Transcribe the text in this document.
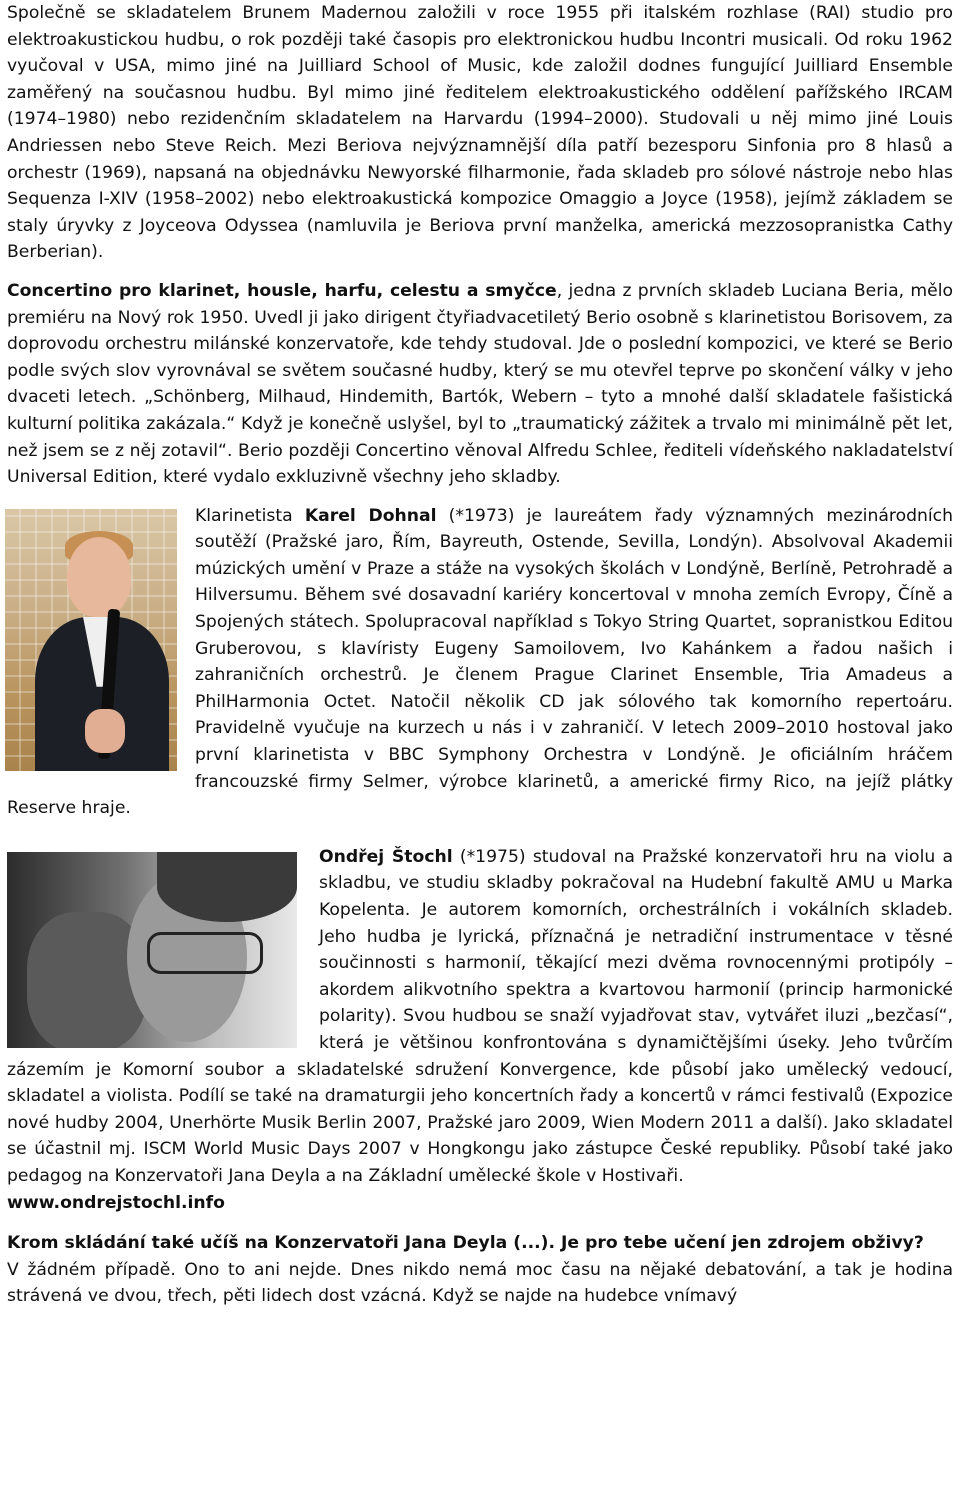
Společně se skladatelem Brunem Madernou založili v roce 1955 při italském rozhlase (RAI) studio pro elektroakustickou hudbu, o rok později také časopis pro elektronickou hudbu Incontri musicali. Od roku 1962 vyučoval v USA, mimo jiné na Juilliard School of Music, kde založil dodnes fungující Juilliard Ensemble zaměřený na současnou hudbu. Byl mimo jiné ředitelem elektroakustického oddělení pařížského IRCAM (1974–1980) nebo rezidenčním skladatelem na Harvardu (1994–2000). Studovali u něj mimo jiné Louis Andriessen nebo Steve Reich. Mezi Beriova nejvýznamnější díla patří bezesporu Sinfonia pro 8 hlasů a orchestr (1969), napsaná na objednávku Newyorské filharmonie, řada skladeb pro sólové nástroje nebo hlas Sequenza I-XIV (1958–2002) nebo elektroakustická kompozice Omaggio a Joyce (1958), jejímž základem se staly úryvky z Joyceova Odyssea (namluvila je Beriova první manželka, americká mezzosopranistka Cathy Berberian).

Concertino pro klarinet, housle, harfu, celestu a smyčce, jedna z prvních skladeb Luciana Beria, mělo premiéru na Nový rok 1950. Uvedl ji jako dirigent čtyřiadvacetiletý Berio osobně s klarinetistou Borisovem, za doprovodu orchestru milánské konzervatoře, kde tehdy studoval. Jde o poslední kompozici, ve které se Berio podle svých slov vyrovnával se světem současné hudby, který se mu otevřel teprve po skončení války v jeho dvaceti letech. „Schönberg, Milhaud, Hindemith, Bartók, Webern – tyto a mnohé další skladatele fašistická kulturní politika zakázala.“ Když je konečně uslyšel, byl to „traumatický zážitek a trvalo mi minimálně pět let, než jsem se z něj zotavil“. Berio později Concertino věnoval Alfredu Schlee, řediteli vídeňského nakladatelství Universal Edition, které vydalo exkluzivně všechny jeho skladby.

Klarinetista Karel Dohnal (*1973) je laureátem řady významných mezinárodních soutěží (Pražské jaro, Řím, Bayreuth, Ostende, Sevilla, Londýn). Absolvoval Akademii múzických umění v Praze a stáže na vysokých školách v Londýně, Berlíně, Petrohradě a Hilversumu. Během své dosavadní kariéry koncertoval v mnoha zemích Evropy, Číně a Spojených státech. Spolupracoval například s Tokyo String Quartet, sopranistkou Editou Gruberovou, s klavíristy Eugeny Samoilovem, Ivo Kahánkem a řadou našich i zahraničních orchestrů. Je členem Prague Clarinet Ensemble, Tria Amadeus a PhilHarmonia Octet. Natočil několik CD jak sólového tak komorního repertoáru. Pravidelně vyučuje na kurzech u nás i v zahraničí. V letech 2009–2010 hostoval jako první klarinetista v BBC Symphony Orchestra v Londýně. Je oficiálním hráčem francouzské firmy Selmer, výrobce klarinetů, a americké firmy Rico, na jejíž plátky Reserve hraje.

Ondřej Štochl (*1975) studoval na Pražské konzervatoři hru na violu a skladbu, ve studiu skladby pokračoval na Hudební fakultě AMU u Marka Kopelenta. Je autorem komorních, orchestrálních i vokálních skladeb. Jeho hudba je lyrická, příznačná je netradiční instrumentace v těsné součinnosti s harmonií, těkající mezi dvěma rovnocennými protipóly – akordem alikvotního spektra a kvartovou harmonií (princip harmonické polarity). Svou hudbou se snaží vyjadřovat stav, vytvářet iluzi „bezčasí“, která je většinou konfrontována s dynamičtějšími úseky. Jeho tvůrčím zázemím je Komorní soubor a skladatelské sdružení Konvergence, kde působí jako umělecký vedoucí, skladatel a violista. Podílí se také na dramaturgii jeho koncertních řady a koncertů v rámci festivalů (Expozice nové hudby 2004, Unerhörte Musik Berlin 2007, Pražské jaro 2009, Wien Modern 2011 a další). Jako skladatel se účastnil mj. ISCM World Music Days 2007 v Hongkongu jako zástupce České republiky. Působí také jako pedagog na Konzervatoři Jana Deyla a na Základní umělecké škole v Hostivaři.

www.ondrejstochl.info

Krom skládání také učíš na Konzervatoři Jana Deyla (...). Je pro tebe učení jen zdrojem obživy?

V žádném případě. Ono to ani nejde. Dnes nikdo nemá moc času na nějaké debatování, a tak je hodina strávená ve dvou, třech, pěti lidech dost vzácná. Když se najde na hudebce vnímavý
